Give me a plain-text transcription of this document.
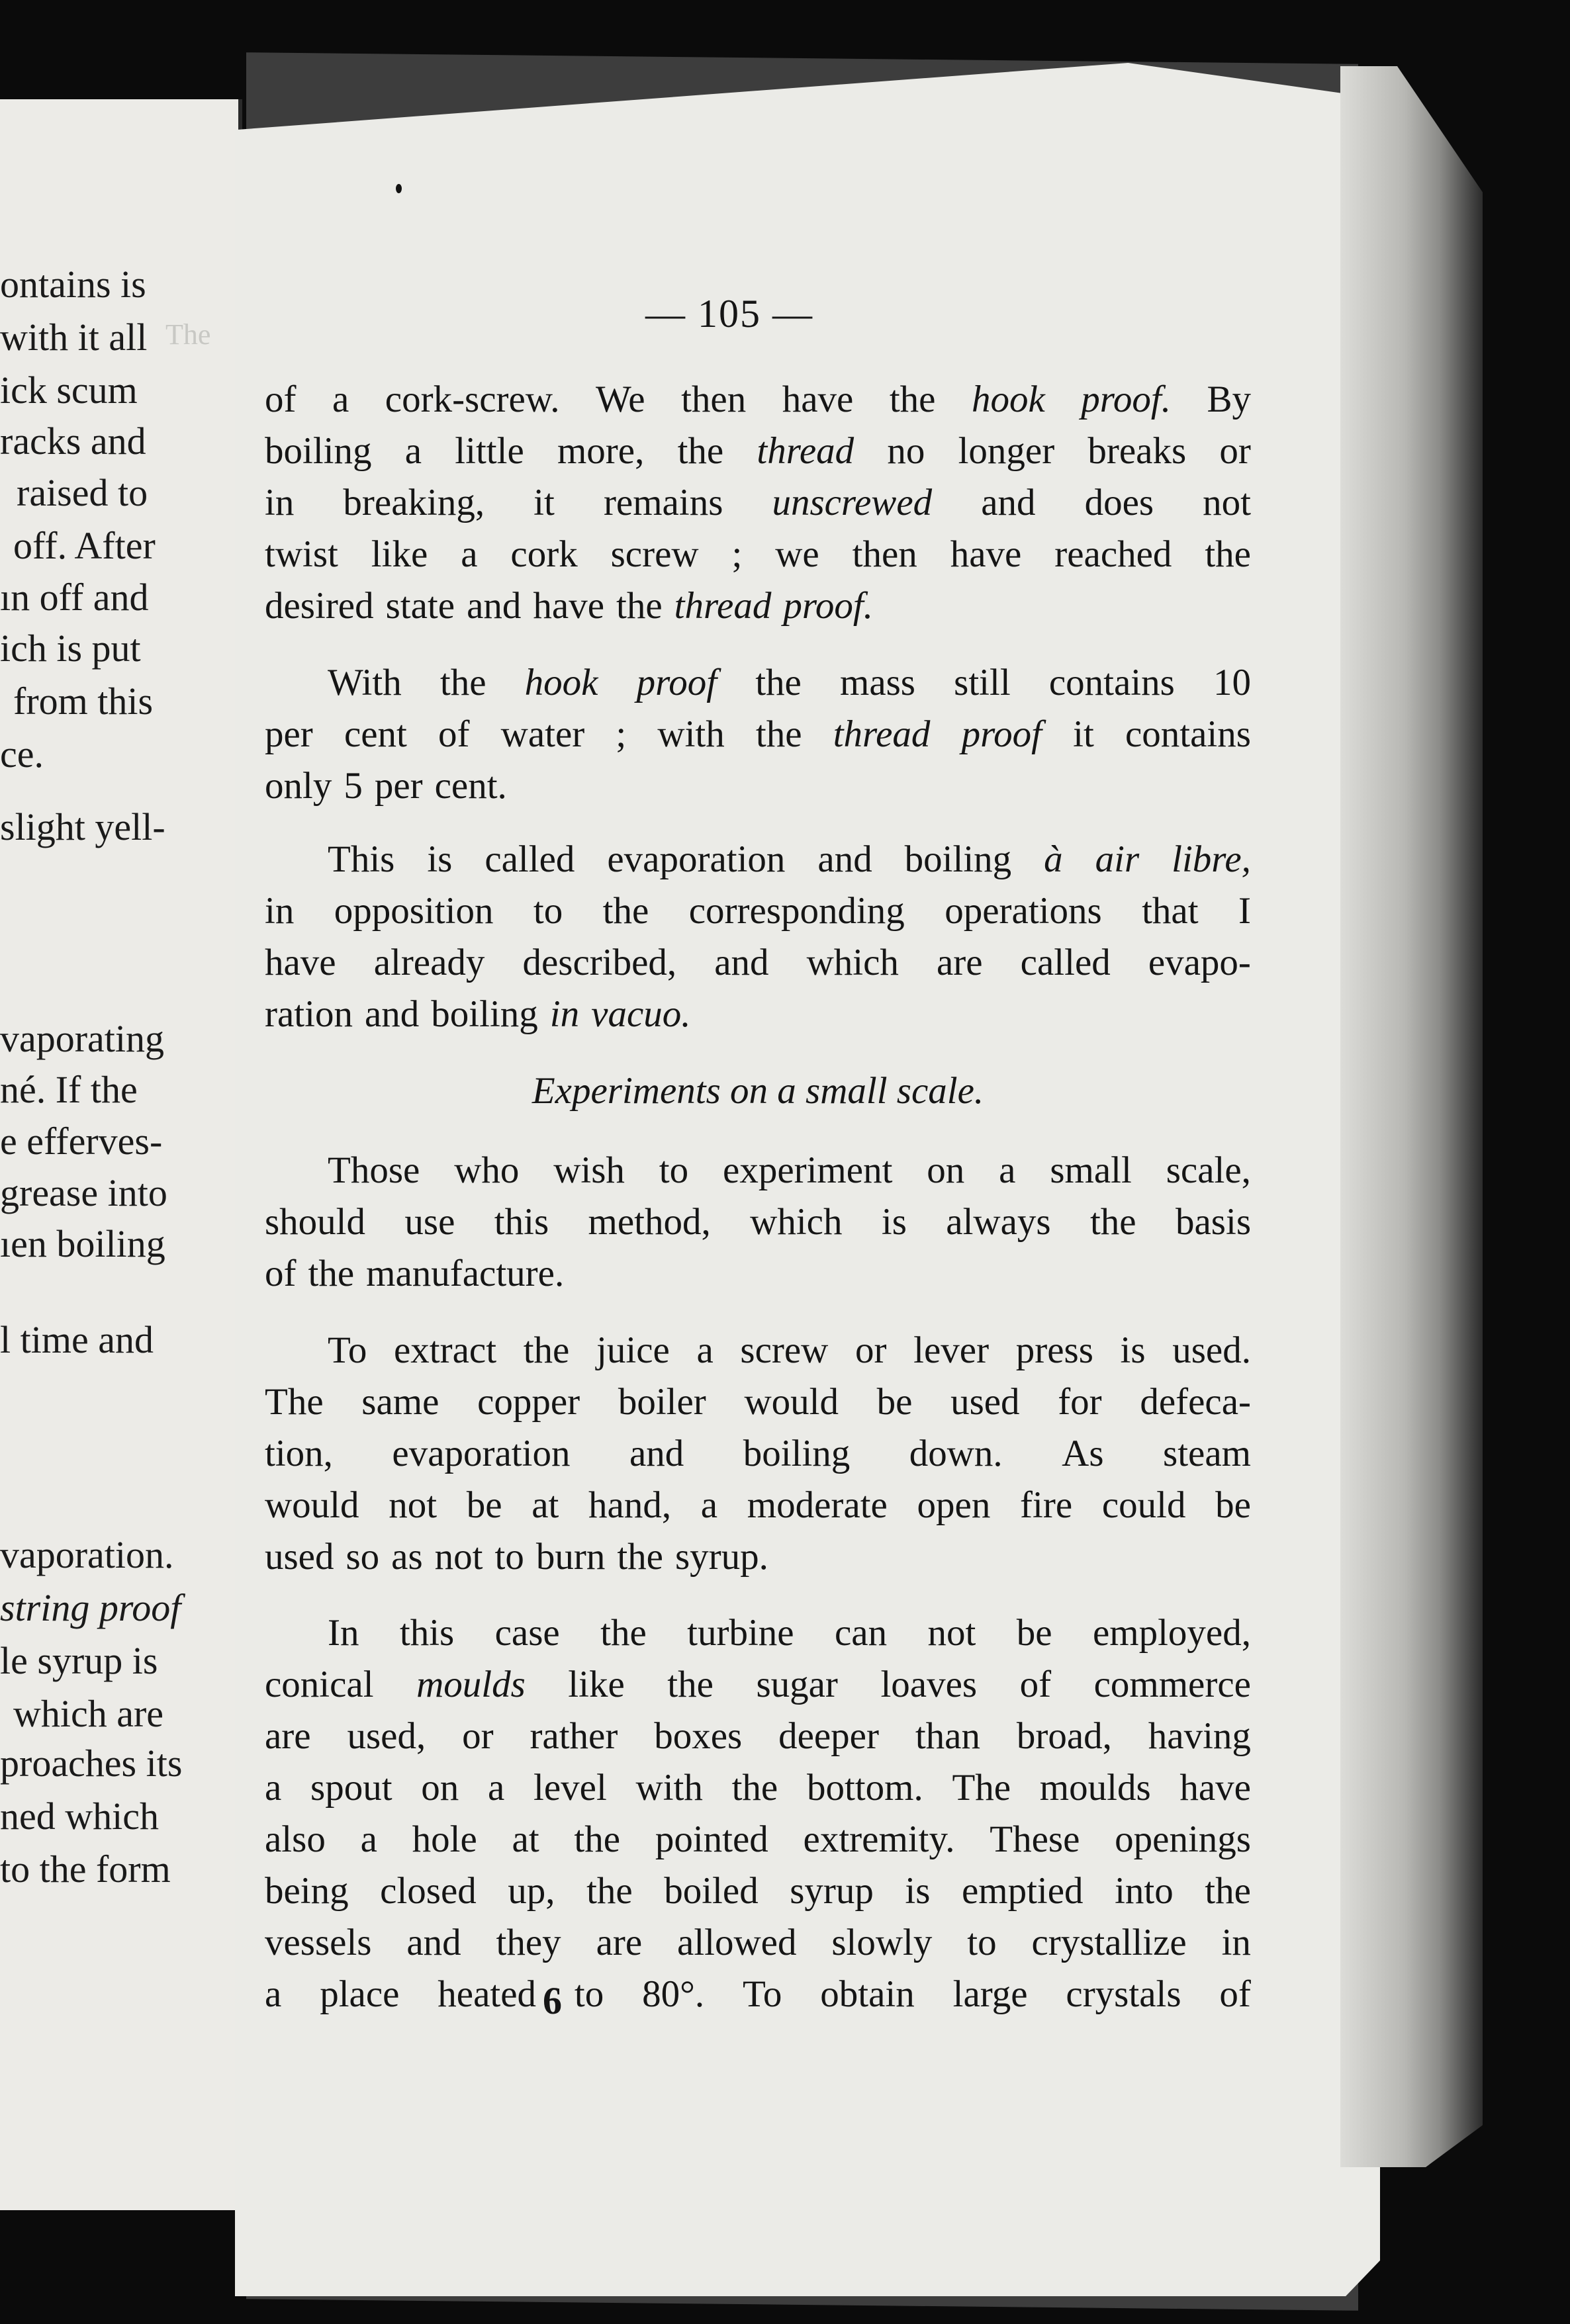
The
ontains is
with it all
ick scum
racks and
raised to
off. After
ın off and
ich is put
from this
ce.
slight yell-
vaporating
né. If the
e efferves-
grease into
ıen boiling
l time and
vaporation.
string proof
le syrup is
which are
proaches its
ned which
to the form
— 105 —
of a cork-screw. We then have the hook proof. By
boiling a little more, the thread no longer breaks or
in breaking, it remains unscrewed and does not
twist like a cork screw ; we then have reached the
desired state and have the thread proof.
With the hook proof the mass still contains 10
per cent of water ; with the thread proof it contains
only 5 per cent.
This is called evaporation and boiling à air libre,
in opposition to the corresponding operations that I
have already described, and which are called evapo-
ration and boiling in vacuo.
Experiments on a small scale.
Those who wish to experiment on a small scale,
should use this method, which is always the basis
of the manufacture.
To extract the juice a screw or lever press is used.
The same copper boiler would be used for defeca-
tion, evaporation and boiling down. As steam
would not be at hand, a moderate open fire could be
used so as not to burn the syrup.
In this case the turbine can not be employed,
conical moulds like the sugar loaves of commerce
are used, or rather boxes deeper than broad, having
a spout on a level with the bottom. The moulds have
also a hole at the pointed extremity. These openings
being closed up, the boiled syrup is emptied into the
vessels and they are allowed slowly to crystallize in
a place heated to 80°. To obtain large crystals of
6
